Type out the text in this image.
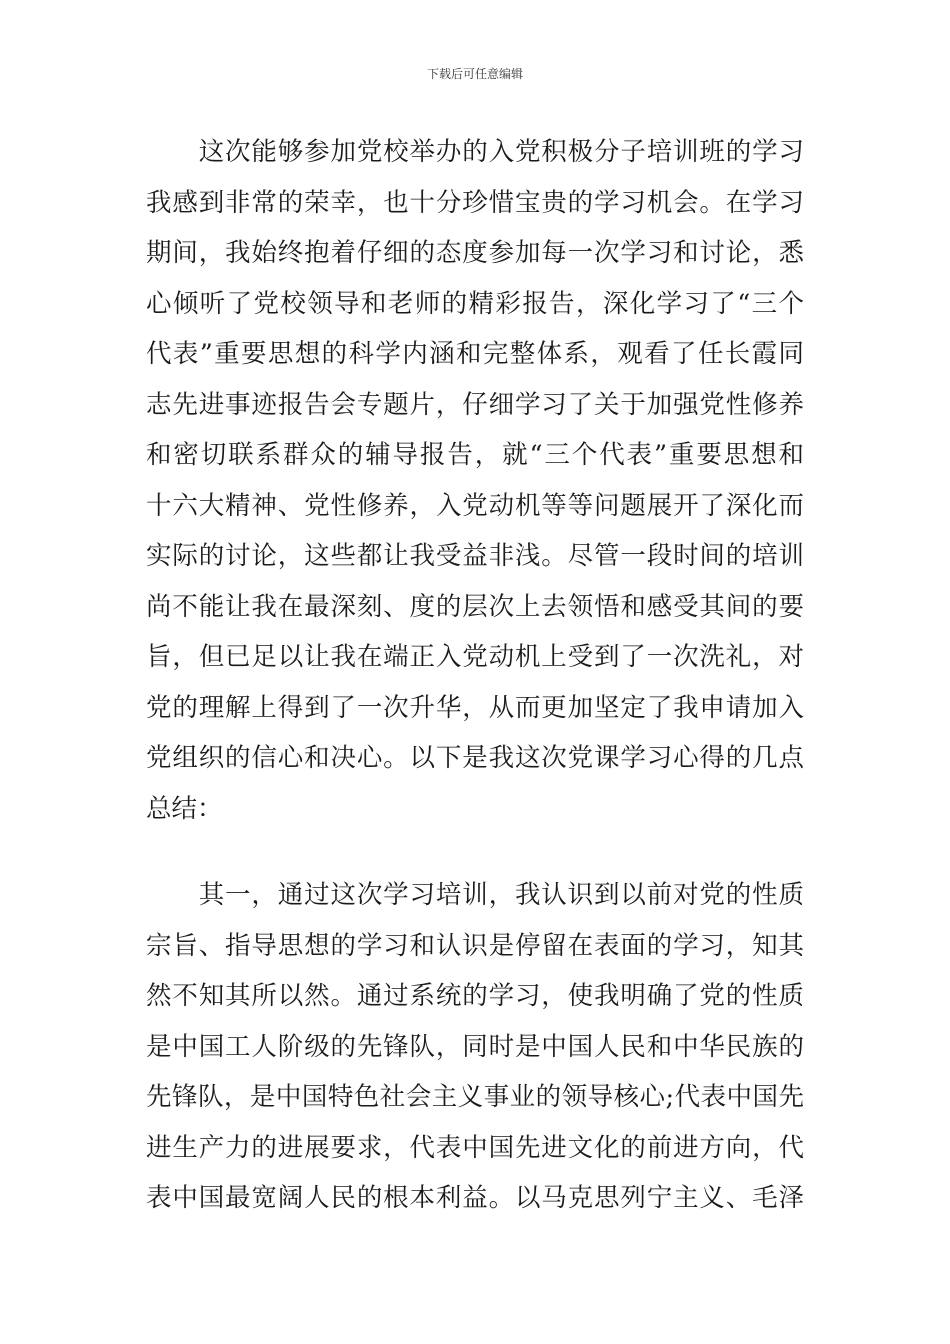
下载后可任意编辑
　　这次能够参加党校举办的入党积极分子培训班的学习
我感到非常的荣幸，也十分珍惜宝贵的学习机会。在学习
期间，我始终抱着仔细的态度参加每一次学习和讨论，悉
心倾听了党校领导和老师的精彩报告，深化学习了“三个
代表”重要思想的科学内涵和完整体系，观看了任长霞同
志先进事迹报告会专题片，仔细学习了关于加强党性修养
和密切联系群众的辅导报告，就“三个代表”重要思想和
十六大精神、党性修养，入党动机等等问题展开了深化而
实际的讨论，这些都让我受益非浅。尽管一段时间的培训
尚不能让我在最深刻、度的层次上去领悟和感受其间的要
旨，但已足以让我在端正入党动机上受到了一次洗礼，对
党的理解上得到了一次升华，从而更加坚定了我申请加入
党组织的信心和决心。以下是我这次党课学习心得的几点
总结：
　　其一，通过这次学习培训，我认识到以前对党的性质
宗旨、指导思想的学习和认识是停留在表面的学习，知其
然不知其所以然。通过系统的学习，使我明确了党的性质
是中国工人阶级的先锋队，同时是中国人民和中华民族的
先锋队，是中国特色社会主义事业的领导核心;代表中国先
进生产力的进展要求，代表中国先进文化的前进方向，代
表中国最宽阔人民的根本利益。以马克思列宁主义、毛泽
